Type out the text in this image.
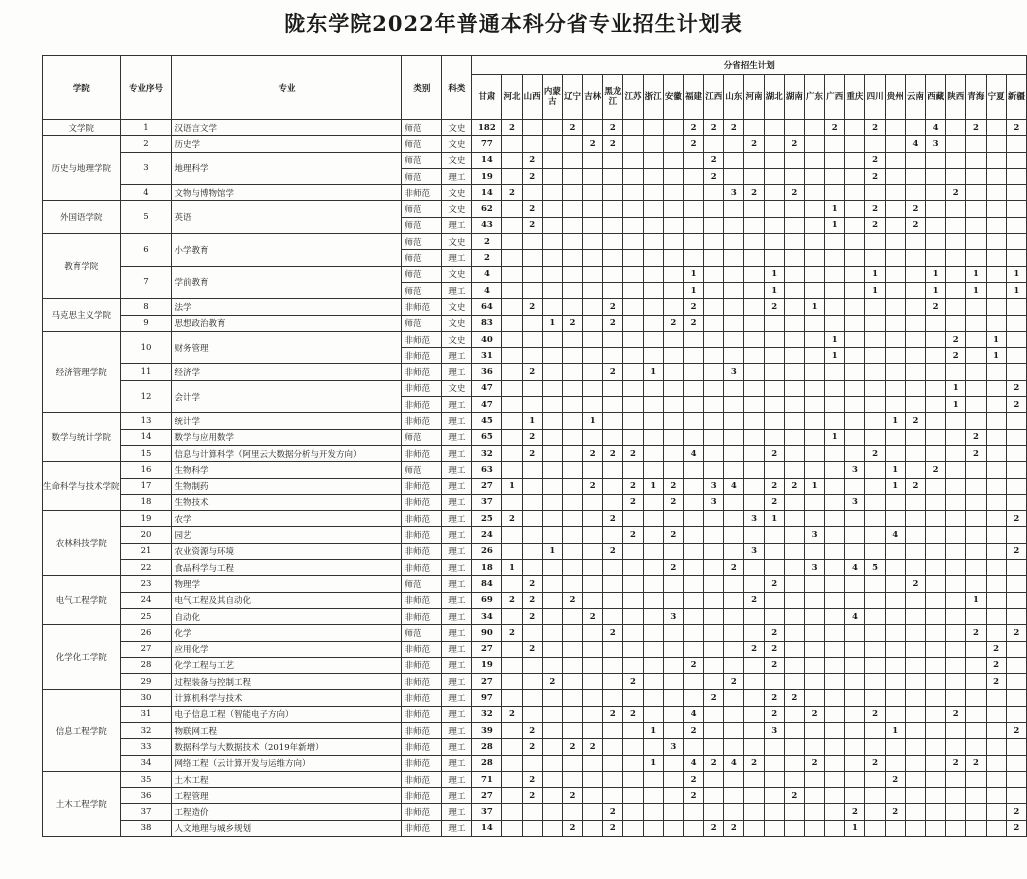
陇东学院2022年普通本科分省专业招生计划表
学院	专业序号	专业	类别	科类	分省招生计划																										
					甘肃	河北	山西	内蒙古	辽宁	吉林	黑龙江	江苏	浙江	安徽	福建	江西	山东	河南	湖北	湖南	广东	广西	重庆	四川	贵州	云南	西藏	陕西	青海	宁夏	新疆
文学院	1	汉语言文学	师范	文史	182	2			2		2				2	2	2					2		2			4		2		2
历史与地理学院	2	历史学	师范	文史	77					2	2				2			2		2						4	3				
	3	地理科学	师范	文史	14		2									2								2							
			师范	理工	19		2									2								2							
	4	文物与博物馆学	非师范	文史	14	2											3	2		2								2			
外国语学院	5	英语	师范	文史	62		2															1		2		2					
			师范	理工	43		2															1		2		2					
教育学院	6	小学教育	师范	文史	2																										
			师范	理工	2																										
	7	学前教育	师范	文史	4										1				1					1			1		1		1
			师范	理工	4										1				1					1			1		1		1
马克思主义学院	8	法学	非师范	文史	64		2				2				2				2		1						2				
	9	思想政治教育	师范	文史	83			1	2		2			2	2																
经济管理学院	10	财务管理	非师范	文史	40																	1						2		1	
			非师范	理工	31																	1						2		1	
	11	经济学	非师范	理工	36		2				2		1				3														
	12	会计学	非师范	文史	47																							1			2
			非师范	理工	47																							1			2
数学与统计学院	13	统计学	非师范	理工	45		1			1															1	2					
	14	数学与应用数学	师范	理工	65		2															1							2		
	15	信息与计算科学（阿里云大数据分析与开发方向）	非师范	理工	32		2			2	2	2			4				2					2					2		
生命科学与技术学院	16	生物科学	师范	理工	63																		3		1		2				
	17	生物制药	非师范	理工	27	1				2		2	1	2		3	4		2	2	1				1	2					
	18	生物技术	非师范	理工	37							2		2		3			2				3								
农林科技学院	19	农学	非师范	理工	25	2					2							3	1												2
	20	园艺	非师范	理工	24							2		2							3				4						
	21	农业资源与环境	非师范	理工	26			1			2							3													2
	22	食品科学与工程	非师范	理工	18	1								2			2				3		4	5							
电气工程学院	23	物理学	师范	理工	84		2												2							2					
	24	电气工程及其自动化	非师范	理工	69	2	2		2									2											1		
	25	自动化	非师范	理工	34		2			2				3									4								
化学化工学院	26	化学	师范	理工	90	2					2								2										2		2
	27	应用化学	非师范	理工	27		2											2	2											2	
	28	化学工程与工艺	非师范	理工	19										2				2											2	
	29	过程装备与控制工程	非师范	理工	27			2				2					2													2	
信息工程学院	30	计算机科学与技术	非师范	理工	97											2			2	2											
	31	电子信息工程（智能电子方向）	非师范	理工	32	2					2	2			4				2		2			2				2			
	32	物联网工程	非师范	理工	39		2						1		2				3						1						2
	33	数据科学与大数据技术（2019年新增）	非师范	理工	28		2		2	2				3																	
	34	网络工程（云计算开发与运维方向）	非师范	理工	28								1		4	2	4	2			2			2				2	2		
土木工程学院	35	土木工程	非师范	理工	71		2								2										2						
	36	工程管理	非师范	理工	27		2		2						2					2											
	37	工程造价	非师范	理工	37						2												2		2						2
	38	人文地理与城乡规划	非师范	理工	14				2		2					2	2						1								2
